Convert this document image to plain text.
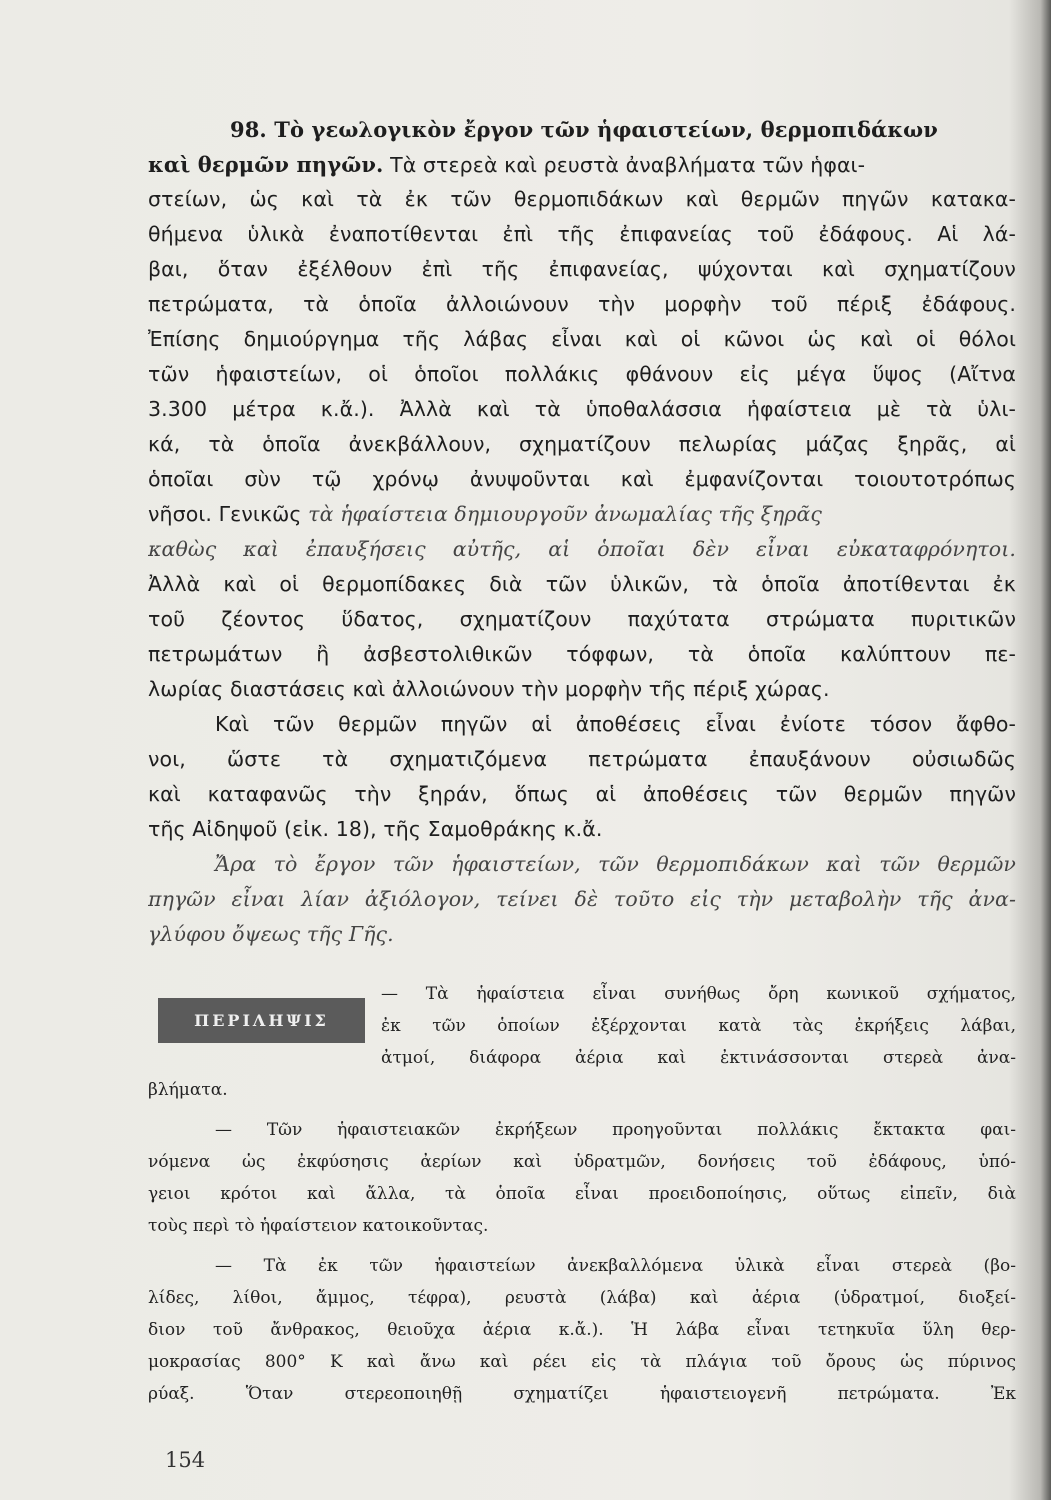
98. Τὸ γεωλογικὸν ἔργον τῶν ἡφαιστείων, θερμοπιδάκων
καὶ θερμῶν πηγῶν. Τὰ στερεὰ καὶ ρευστὰ ἀναβλήματα τῶν ἡφαι-
στείων, ὡς καὶ τὰ ἐκ τῶν θερμοπιδάκων καὶ θερμῶν πηγῶν κατακα-
θήμενα ὑλικὰ ἐναποτίθενται ἐπὶ τῆς ἐπιφανείας τοῦ ἐδάφους. Αἱ λά-
βαι, ὅταν ἐξέλθουν ἐπὶ τῆς ἐπιφανείας, ψύχονται καὶ σχηματίζουν
πετρώματα, τὰ ὁποῖα ἀλλοιώνουν τὴν μορφὴν τοῦ πέριξ ἐδάφους.
Ἐπίσης δημιούργημα τῆς λάβας εἶναι καὶ οἱ κῶνοι ὡς καὶ οἱ θόλοι
τῶν ἡφαιστείων, οἱ ὁποῖοι πολλάκις φθάνουν εἰς μέγα ὕψος (Αἴτνα
3.300 μέτρα κ.ἄ.). Ἀλλὰ καὶ τὰ ὑποθαλάσσια ἡφαίστεια μὲ τὰ ὑλι-
κά, τὰ ὁποῖα ἀνεκβάλλουν, σχηματίζουν πελωρίας μάζας ξηρᾶς, αἱ
ὁποῖαι σὺν τῷ χρόνῳ ἀνυψοῦνται καὶ ἐμφανίζονται τοιουτοτρόπως
νῆσοι. Γενικῶς τὰ ἡφαίστεια δημιουργοῦν ἀνωμαλίας τῆς ξηρᾶς
καθὼς καὶ ἐπαυξήσεις αὐτῆς, αἱ ὁποῖαι δὲν εἶναι εὐκαταφρόνητοι.
Ἀλλὰ καὶ οἱ θερμοπίδακες διὰ τῶν ὑλικῶν, τὰ ὁποῖα ἀποτίθενται ἐκ
τοῦ ζέοντος ὕδατος, σχηματίζουν παχύτατα στρώματα πυριτικῶν
πετρωμάτων ἢ ἀσβεστολιθικῶν τόφφων, τὰ ὁποῖα καλύπτουν πε-
λωρίας διαστάσεις καὶ ἀλλοιώνουν τὴν μορφὴν τῆς πέριξ χώρας.
Καὶ τῶν θερμῶν πηγῶν αἱ ἀποθέσεις εἶναι ἐνίοτε τόσον ἄφθο-
νοι, ὥστε τὰ σχηματιζόμενα πετρώματα ἐπαυξάνουν οὐσιωδῶς
καὶ καταφανῶς τὴν ξηράν, ὅπως αἱ ἀποθέσεις τῶν θερμῶν πηγῶν
τῆς Αἰδηψοῦ (εἰκ. 18), τῆς Σαμοθράκης κ.ἄ.
Ἄρα τὸ ἔργον τῶν ἡφαιστείων, τῶν θερμοπιδάκων καὶ τῶν θερμῶν
πηγῶν εἶναι λίαν ἀξιόλογον, τείνει δὲ τοῦτο εἰς τὴν μεταβολὴν τῆς ἀνα-
γλύφου ὄψεως τῆς Γῆς.
ΠΕΡΙΛΗΨΙΣ
— Τὰ ἡφαίστεια εἶναι συνήθως ὄρη κωνικοῦ σχήματος,
ἐκ τῶν ὁποίων ἐξέρχονται κατὰ τὰς ἐκρήξεις λάβαι,
ἀτμοί, διάφορα ἀέρια καὶ ἐκτινάσσονται στερεὰ ἀνα-
βλήματα.
— Τῶν ἡφαιστειακῶν ἐκρήξεων προηγοῦνται πολλάκις ἔκτακτα φαι-
νόμενα ὡς ἐκφύσησις ἀερίων καὶ ὑδρατμῶν, δονήσεις τοῦ ἐδάφους, ὑπό-
γειοι κρότοι καὶ ἄλλα, τὰ ὁποῖα εἶναι προειδοποίησις, οὕτως εἰπεῖν, διὰ
τοὺς περὶ τὸ ἡφαίστειον κατοικοῦντας.
— Τὰ ἐκ τῶν ἡφαιστείων ἀνεκβαλλόμενα ὑλικὰ εἶναι στερεὰ (βο-
λίδες, λίθοι, ἄμμος, τέφρα), ρευστὰ (λάβα) καὶ ἀέρια (ὑδρατμοί, διοξεί-
διον τοῦ ἄνθρακος, θειοῦχα ἀέρια κ.ἄ.). Ἡ λάβα εἶναι τετηκυῖα ὕλη θερ-
μοκρασίας 800° Κ καὶ ἄνω καὶ ρέει εἰς τὰ πλάγια τοῦ ὄρους ὡς πύρινος
ρύαξ. Ὅταν στερεοποιηθῇ σχηματίζει ἡφαιστειογενῆ πετρώματα. Ἐκ
154
